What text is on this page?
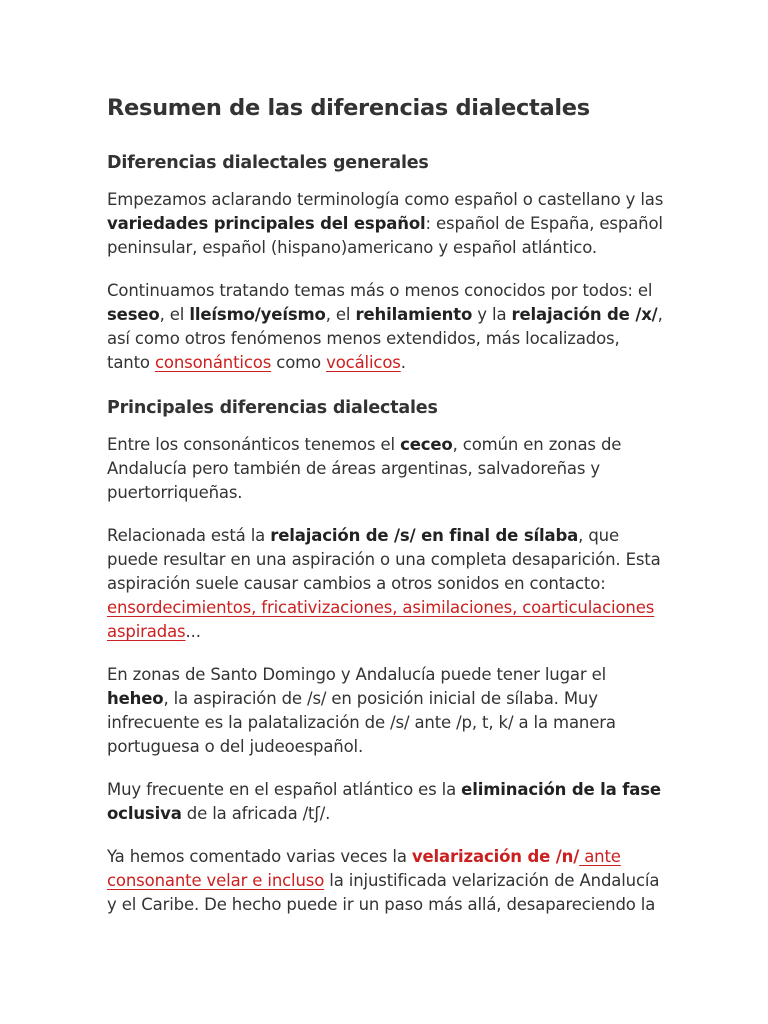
Resumen de las diferencias dialectales
Diferencias dialectales generales

Empezamos aclarando terminología como español o castellano y las variedades principales del español: español de España, español peninsular, español (hispano)americano y español atlántico.

Continuamos tratando temas más o menos conocidos por todos: el seseo, el lleísmo/yeísmo, el rehilamiento y la relajación de /x/, así como otros fenómenos menos extendidos, más localizados, tanto consonánticos como vocálicos.

Principales diferencias dialectales

Entre los consonánticos tenemos el ceceo, común en zonas de Andalucía pero también de áreas argentinas, salvadoreñas y puertorriqueñas.

Relacionada está la relajación de /s/ en final de sílaba, que puede resultar en una aspiración o una completa desaparición. Esta aspiración suele causar cambios a otros sonidos en contacto: ensordecimientos, fricativizaciones, asimilaciones, coarticulaciones aspiradas...

En zonas de Santo Domingo y Andalucía puede tener lugar el heheo, la aspiración de /s/ en posición inicial de sílaba. Muy infrecuente es la palatalización de /s/ ante /p, t, k/ a la manera portuguesa o del judeoespañol.

Muy frecuente en el español atlántico es la eliminación de la fase oclusiva de la africada /tʃ/.

Ya hemos comentado varias veces la velarización de /n/ ante consonante velar e incluso la injustificada velarización de Andalucía y el Caribe. De hecho puede ir un paso más allá, desapareciendo la
